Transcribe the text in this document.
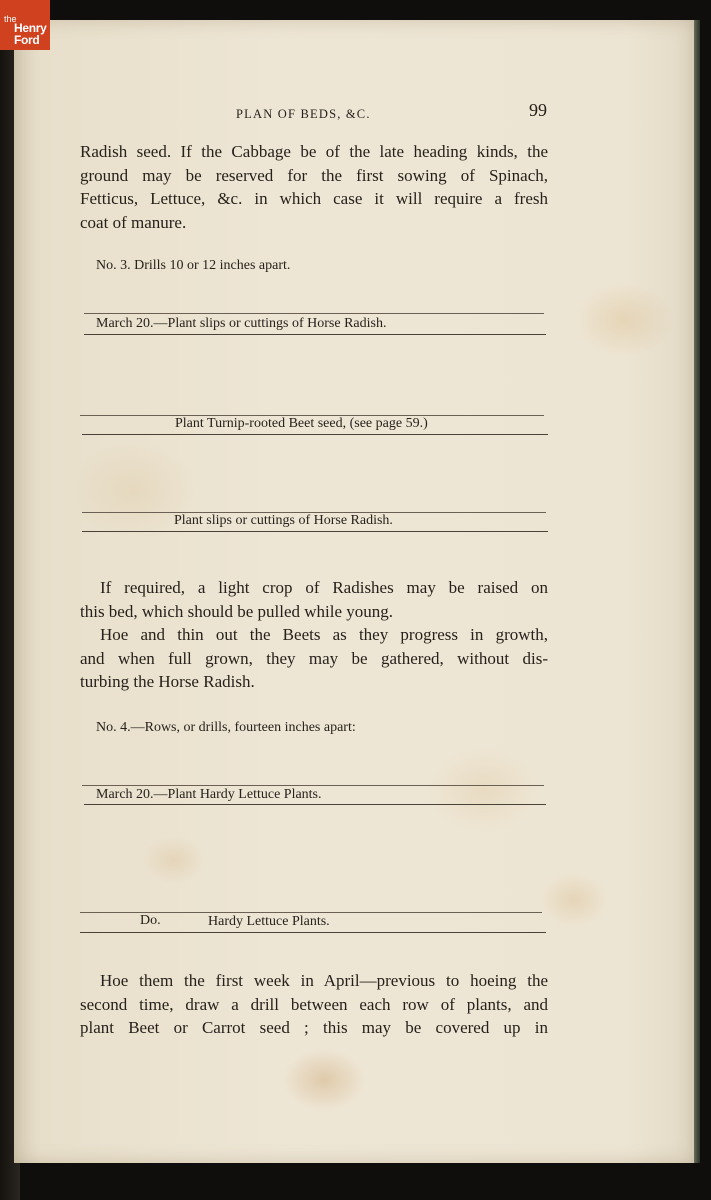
the
Henry
Ford
PLAN OF BEDS, &C.	99
Radish seed. If the Cabbage be of the late heading kinds, the
ground may be reserved for the first sowing of Spinach,
Fetticus, Lettuce, &c. in which case it will require a fresh
coat of manure.
No. 3. Drills 10 or 12 inches apart.
March 20.—Plant slips or cuttings of Horse Radish.
Plant Turnip-rooted Beet seed, (see page 59.)
Plant slips or cuttings of Horse Radish.
If required, a light crop of Radishes may be raised on
this bed, which should be pulled while young.
Hoe and thin out the Beets as they progress in growth,
and when full grown, they may be gathered, without dis-
turbing the Horse Radish.
No. 4.—Rows, or drills, fourteen inches apart:
March 20.—Plant Hardy Lettuce Plants.
Do.	Hardy Lettuce Plants.
Hoe them the first week in April—previous to hoeing the
second time, draw a drill between each row of plants, and
plant Beet or Carrot seed ; this may be covered up in
